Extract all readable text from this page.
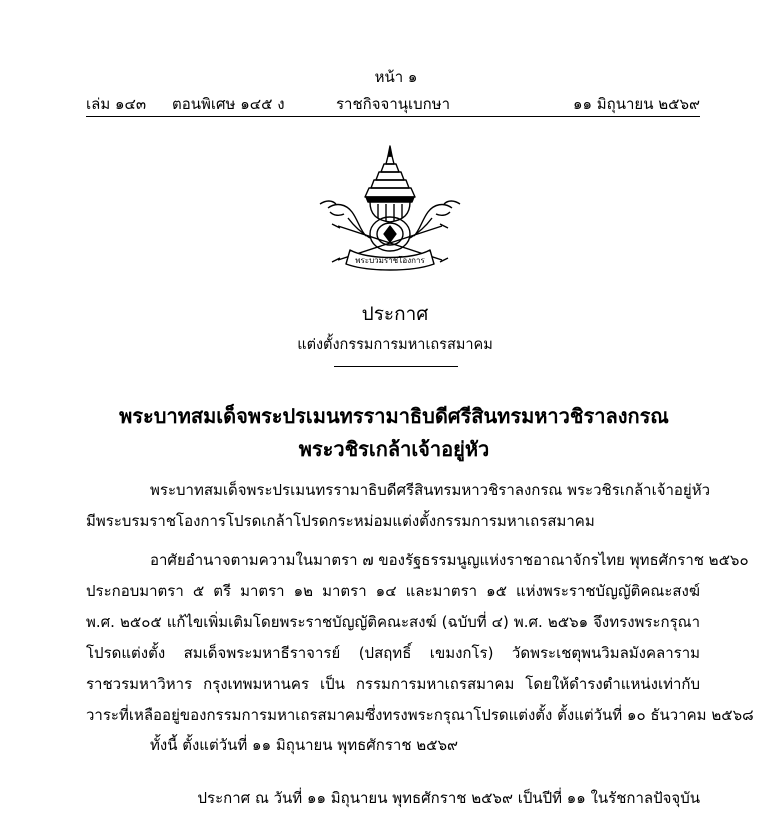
หน้า ๑
เล่ม ๑๔๓ ตอนพิเศษ ๑๔๕ ง	ราชกิจจานุเบกษา	๑๑ มิถุนายน ๒๕๖๙
พระบวมราชโองการ
ประกาศ
แต่งตั้งกรรมการมหาเถรสมาคม
พระบาทสมเด็จพระปรเมนทรรามาธิบดีศรีสินทรมหาวชิราลงกรณ
พระวชิรเกล้าเจ้าอยู่หัว
พระบาทสมเด็จพระปรเมนทรรามาธิบดีศรีสินทรมหาวชิราลงกรณ พระวชิรเกล้าเจ้าอยู่หัว
มีพระบรมราชโองการโปรดเกล้าโปรดกระหม่อมแต่งตั้งกรรมการมหาเถรสมาคม
อาศัยอำนาจตามความในมาตรา ๗ ของรัฐธรรมนูญแห่งราชอาณาจักรไทย พุทธศักราช ๒๕๖๐
ประกอบมาตรา ๕ ตรี มาตรา ๑๒ มาตรา ๑๔ และมาตรา ๑๕ แห่งพระราชบัญญัติคณะสงฆ์
พ.ศ. ๒๕๐๕ แก้ไขเพิ่มเติมโดยพระราชบัญญัติคณะสงฆ์ (ฉบับที่ ๔) พ.ศ. ๒๕๖๑ จึงทรงพระกรุณา
โปรดแต่งตั้ง สมเด็จพระมหาธีราจารย์ (ปสฤทธิ์ เขมงกโร) วัดพระเชตุพนวิมลมังคลาราม
ราชวรมหาวิหาร กรุงเทพมหานคร เป็น กรรมการมหาเถรสมาคม โดยให้ดำรงตำแหน่งเท่ากับ
วาระที่เหลืออยู่ของกรรมการมหาเถรสมาคมซึ่งทรงพระกรุณาโปรดแต่งตั้ง ตั้งแต่วันที่ ๑๐ ธันวาคม ๒๕๖๘
ทั้งนี้ ตั้งแต่วันที่ ๑๑ มิถุนายน พุทธศักราช ๒๕๖๙
ประกาศ ณ วันที่ ๑๑ มิถุนายน พุทธศักราช ๒๕๖๙ เป็นปีที่ ๑๑ ในรัชกาลปัจจุบัน
